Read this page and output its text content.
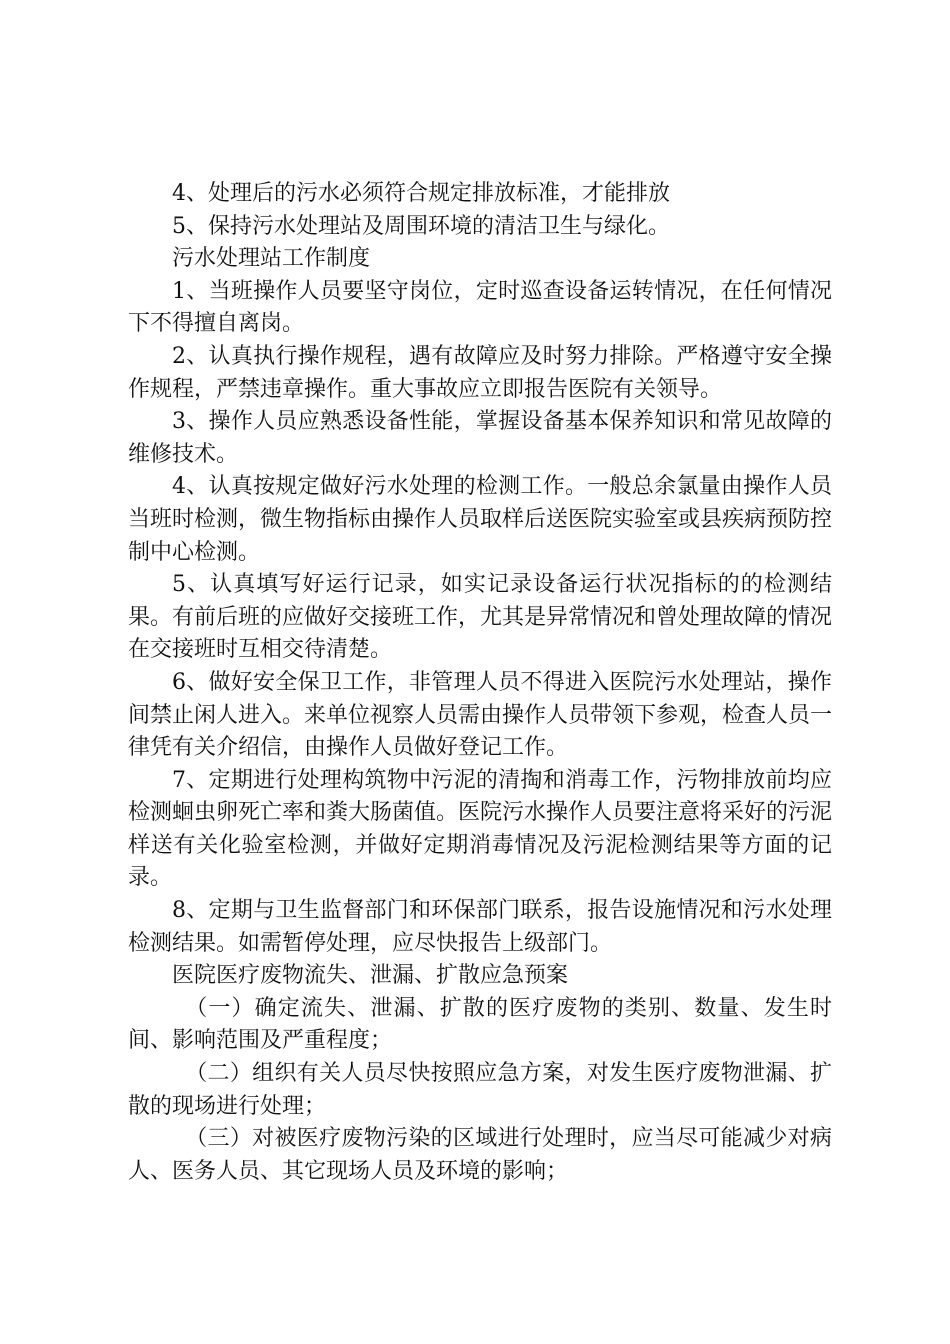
4、处理后的污水必须符合规定排放标准，才能排放

5、保持污水处理站及周围环境的清洁卫生与绿化。

污水处理站工作制度

1、当班操作人员要坚守岗位，定时巡查设备运转情况，在任何情况下不得擅自离岗。

2、认真执行操作规程，遇有故障应及时努力排除。严格遵守安全操作规程，严禁违章操作。重大事故应立即报告医院有关领导。

3、操作人员应熟悉设备性能，掌握设备基本保养知识和常见故障的维修技术。

4、认真按规定做好污水处理的检测工作。一般总余氯量由操作人员当班时检测，微生物指标由操作人员取样后送医院实验室或县疾病预防控制中心检测。

5、认真填写好运行记录，如实记录设备运行状况指标的的检测结果。有前后班的应做好交接班工作，尤其是异常情况和曾处理故障的情况在交接班时互相交待清楚。

6、做好安全保卫工作，非管理人员不得进入医院污水处理站，操作间禁止闲人进入。来单位视察人员需由操作人员带领下参观，检查人员一律凭有关介绍信，由操作人员做好登记工作。

7、定期进行处理构筑物中污泥的清掏和消毒工作，污物排放前均应检测蛔虫卵死亡率和粪大肠菌值。医院污水操作人员要注意将采好的污泥样送有关化验室检测，并做好定期消毒情况及污泥检测结果等方面的记录。

8、定期与卫生监督部门和环保部门联系，报告设施情况和污水处理检测结果。如需暂停处理，应尽快报告上级部门。

医院医疗废物流失、泄漏、扩散应急预案

（一）确定流失、泄漏、扩散的医疗废物的类别、数量、发生时间、影响范围及严重程度；

（二）组织有关人员尽快按照应急方案，对发生医疗废物泄漏、扩散的现场进行处理；

（三）对被医疗废物污染的区域进行处理时，应当尽可能减少对病人、医务人员、其它现场人员及环境的影响；
